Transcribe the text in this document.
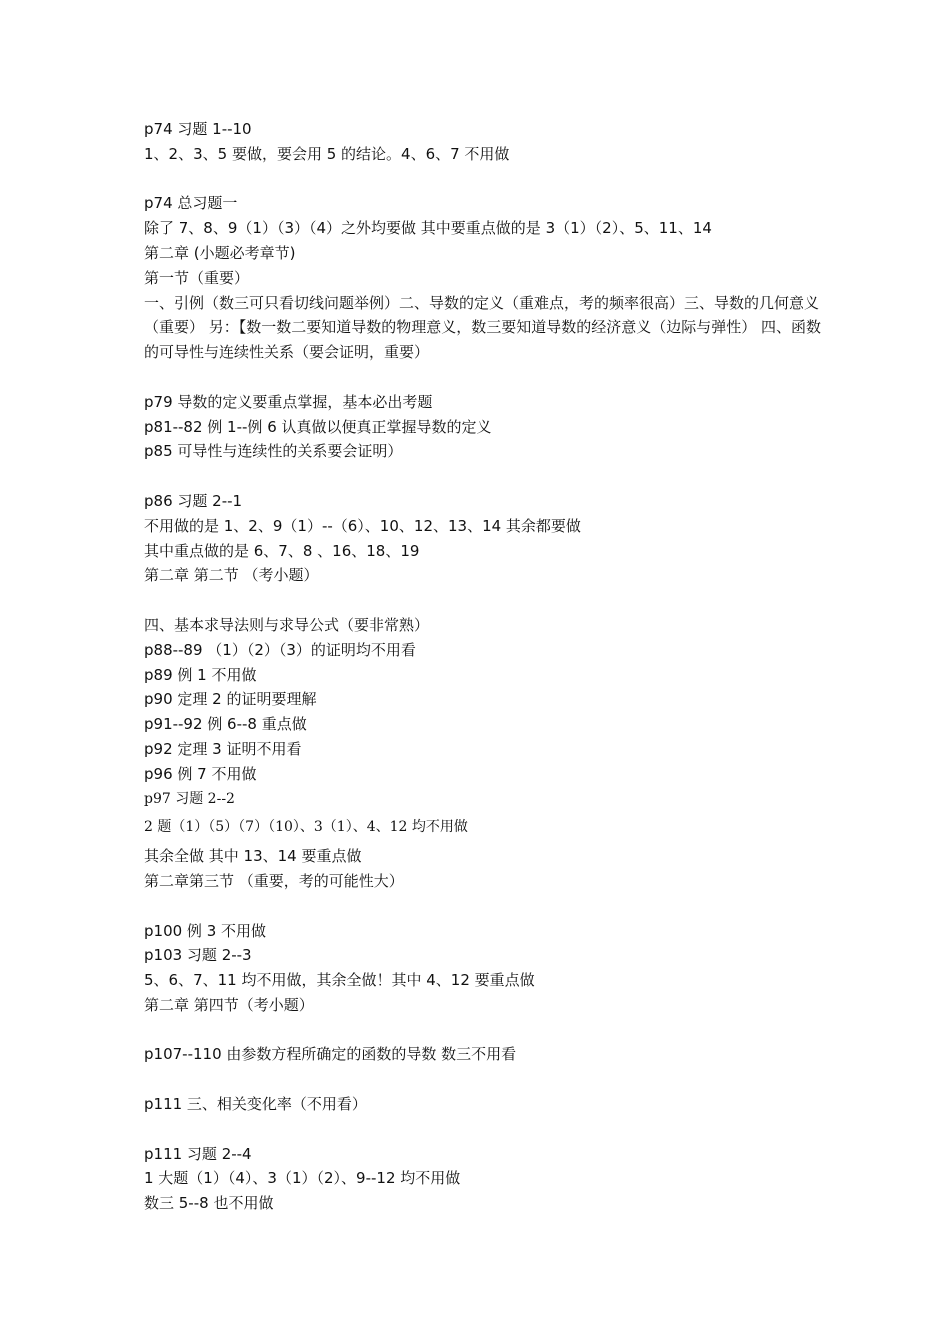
p74 习题 1--10
1、2、3、5 要做，要会用 5 的结论。4、6、7 不用做
p74 总习题一
除了 7、8、9（1）（3）（4）之外均要做 其中要重点做的是 3（1）（2）、5、11、14
第二章 (小题必考章节)
第一节（重要）
一、引例（数三可只看切线问题举例）二、导数的定义（重难点，考的频率很高）三、导数的几何意义（重要） 另：【数一数二要知道导数的物理意义，数三要知道导数的经济意义（边际与弹性） 四、函数的可导性与连续性关系（要会证明，重要）
p79 导数的定义要重点掌握，基本必出考题
p81--82 例 1--例 6 认真做以便真正掌握导数的定义
p85 可导性与连续性的关系要会证明）
p86 习题 2--1
不用做的是 1、2、9（1）--（6）、10、12、13、14 其余都要做
其中重点做的是 6、7、8 、16、18、19
第二章 第二节 （考小题）
四、基本求导法则与求导公式（要非常熟）
p88--89 （1）（2）（3）的证明均不用看
p89 例 1 不用做
p90 定理 2 的证明要理解
p91--92 例 6--8 重点做
p92 定理 3 证明不用看
p96 例 7 不用做
p97 习题 2--2
2 题（1）（5）（7）（10）、3（1）、4、12 均不用做
其余全做 其中 13、14 要重点做
第二章第三节 （重要，考的可能性大）
p100 例 3 不用做
p103 习题 2--3
5、6、7、11 均不用做，其余全做！其中 4、12 要重点做
第二章 第四节（考小题）
p107--110 由参数方程所确定的函数的导数 数三不用看
p111 三、相关变化率（不用看）
p111 习题 2--4
1 大题（1）（4）、3（1）（2）、9--12 均不用做
数三 5--8 也不用做
